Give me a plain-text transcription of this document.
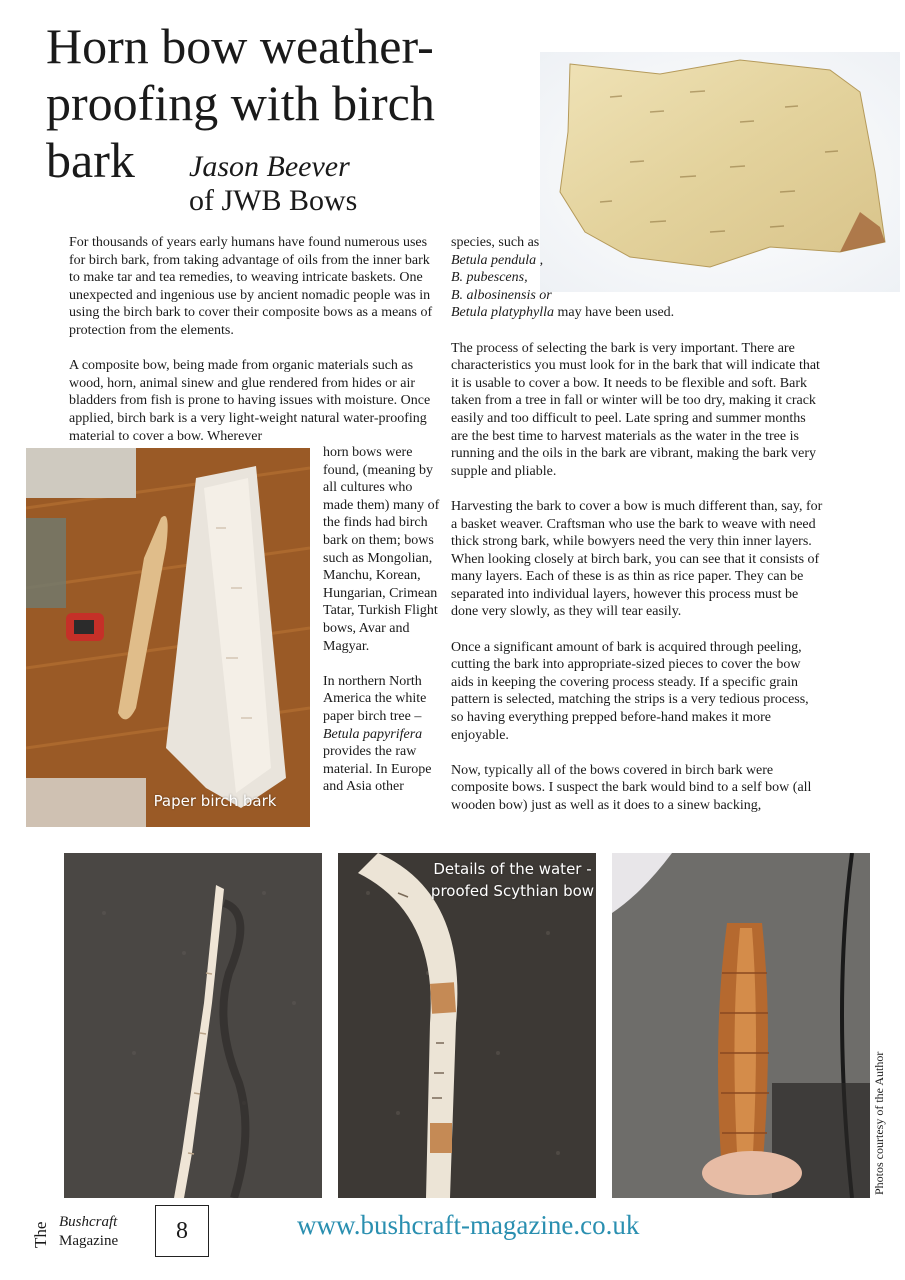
Horn bow weather-proofing with birch bark	Jason Beever
of JWB Bows

For thousands of years early humans have found numerous uses for birch bark, from taking advantage of oils from the inner bark to make tar and tea remedies, to weaving intricate baskets. One unexpected and ingenious use by ancient nomadic people was in using the birch bark to cover their composite bows as a means of protection from the elements.

A composite bow, being made from organic materials such as wood, horn, animal sinew and glue rendered from hides or air bladders from fish is prone to having issues with moisture. Once applied, birch bark is a very light-weight natural water-proofing material to cover a bow. Wherever

Paper birch bark

horn bows were found, (meaning by all cultures who made them) many of the finds had birch bark on them; bows such as Mongolian, Manchu, Korean, Hungarian, Crimean Tatar, Turkish Flight bows, Avar and Magyar.

In northern North America the white paper birch tree – Betula papyrifera provides the raw material. In Europe and Asia other

species, such as
Betula pendula ,
B. pubescens,
B. albosinensis or
Betula platyphylla may have been used.

The process of selecting the bark is very important. There are characteristics you must look for in the bark that will indicate that it is usable to cover a bow. It needs to be flexible and soft. Bark taken from a tree in fall or winter will be too dry, making it crack easily and too difficult to peel. Late spring and summer months are the best time to harvest materials as the water in the tree is running and the oils in the bark are vibrant, making the bark very supple and pliable.

Harvesting the bark to cover a bow is much different than, say, for a basket weaver. Craftsman who use the bark to weave with need thick strong bark, while bowyers need the very thin inner layers. When looking closely at birch bark, you can see that it consists of many layers. Each of these is as thin as rice paper. They can be separated into individual layers, however this process must be done very slowly, as they will tear easily.

Once a significant amount of bark is acquired through peeling, cutting the bark into appropriate-sized pieces to cover the bow aids in keeping the covering process steady. If a specific grain pattern is selected, matching the strips is a very tedious process, so having everything prepped before-hand makes it more enjoyable.

Now, typically all of the bows covered in birch bark were composite bows. I suspect the bark would bind to a self bow (all wooden bow) just as well as it does to a sinew backing,

Details of the water -proofed Scythian bow
Photos courtesy of the Author
The Bushcraft
Magazine	8	www.bushcraft-magazine.co.uk
